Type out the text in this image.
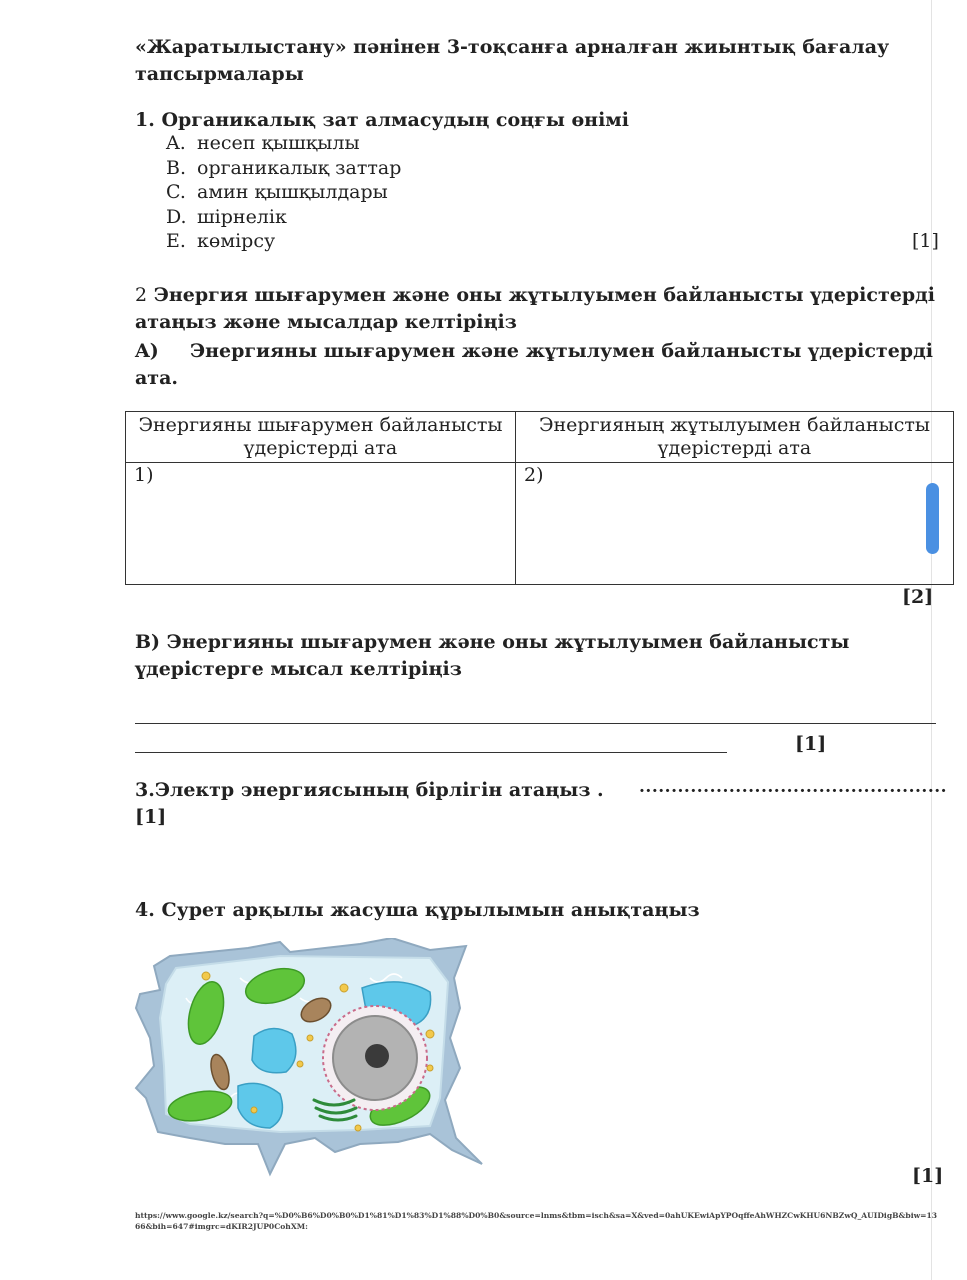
«Жаратылыстану» пәнінен 3-тоқсанға арналған жиынтық бағалау тапсырмалары
1. Органикалық зат алмасудың соңғы өнімі
A. несеп қышқылы
B. органикалық заттар
C. амин қышқылдары
D. шірнелік
E. көмірсу	[1]
2 Энергия шығарумен және оны жұтылуымен байланысты үдерістерді атаңыз және мысалдар келтіріңіз
A) Энергияны шығарумен және жұтылумен байланысты үдерістерді ата.
Энергияны шығарумен байланысты үдерістерді ата	Энергияның жұтылуымен байланысты үдерістерді ата
1)	2)
[2]
B) Энергияны шығарумен және оны жұтылуымен байланысты үдерістерге мысал келтіріңіз
[1]
3.Электр энергиясының бірлігін атаңыз . ................................................
[1]
4. Сурет арқылы жасуша құрылымын анықтаңыз
[1]
https://www.google.kz/search?q=%D0%B6%D0%B0%D1%81%D1%83%D1%88%D0%B0&source=lnms&tbm=isch&sa=X&ved=0ahUKEwiApYPOqffeAhWHZCwKHU6NBZwQ_AUIDigB&biw=1366&bih=647#imgrc=dKIR2JUP0CohXM:
